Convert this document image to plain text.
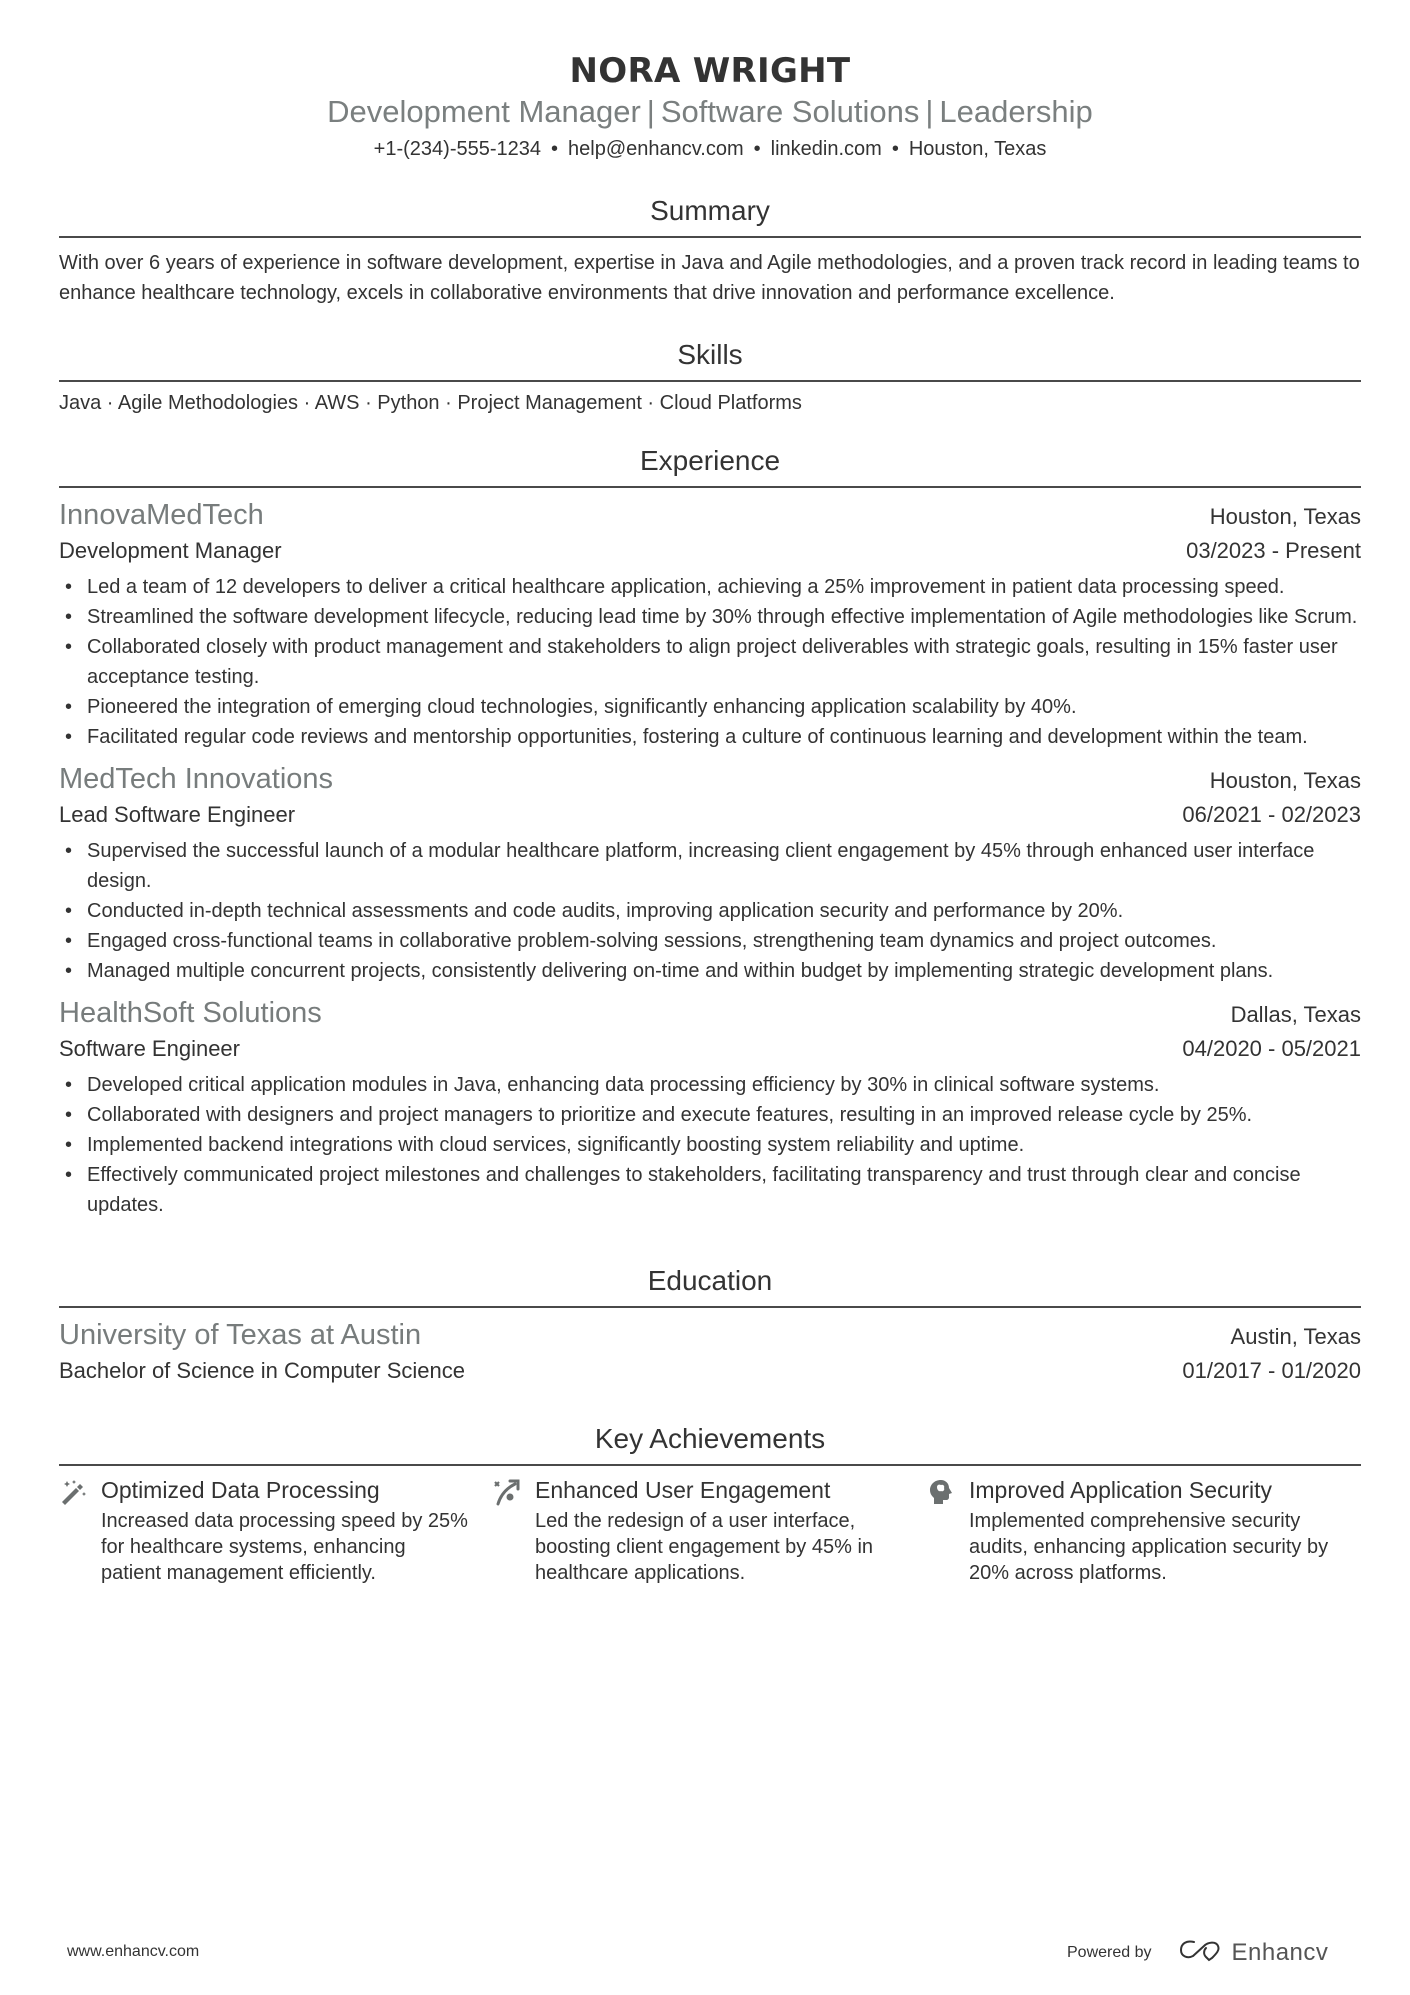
NORA WRIGHT
Development Manager | Software Solutions | Leadership
+1-(234)-555-1234 • help@enhancv.com • linkedin.com • Houston, Texas
Summary
With over 6 years of experience in software development, expertise in Java and Agile methodologies, and a proven track record in leading teams to enhance healthcare technology, excels in collaborative environments that drive innovation and performance excellence.
Skills
Java · Agile Methodologies · AWS · Python · Project Management · Cloud Platforms
Experience
InnovaMedTech	Houston, Texas
Development Manager	03/2023 - Present
• Led a team of 12 developers to deliver a critical healthcare application, achieving a 25% improvement in patient data processing speed.
• Streamlined the software development lifecycle, reducing lead time by 30% through effective implementation of Agile methodologies like Scrum.
• Collaborated closely with product management and stakeholders to align project deliverables with strategic goals, resulting in 15% faster user acceptance testing.
• Pioneered the integration of emerging cloud technologies, significantly enhancing application scalability by 40%.
• Facilitated regular code reviews and mentorship opportunities, fostering a culture of continuous learning and development within the team.
MedTech Innovations	Houston, Texas
Lead Software Engineer	06/2021 - 02/2023
• Supervised the successful launch of a modular healthcare platform, increasing client engagement by 45% through enhanced user interface design.
• Conducted in-depth technical assessments and code audits, improving application security and performance by 20%.
• Engaged cross-functional teams in collaborative problem-solving sessions, strengthening team dynamics and project outcomes.
• Managed multiple concurrent projects, consistently delivering on-time and within budget by implementing strategic development plans.
HealthSoft Solutions	Dallas, Texas
Software Engineer	04/2020 - 05/2021
• Developed critical application modules in Java, enhancing data processing efficiency by 30% in clinical software systems.
• Collaborated with designers and project managers to prioritize and execute features, resulting in an improved release cycle by 25%.
• Implemented backend integrations with cloud services, significantly boosting system reliability and uptime.
• Effectively communicated project milestones and challenges to stakeholders, facilitating transparency and trust through clear and concise updates.
Education
University of Texas at Austin	Austin, Texas
Bachelor of Science in Computer Science	01/2017 - 01/2020
Key Achievements
Optimized Data Processing
Increased data processing speed by 25% for healthcare systems, enhancing patient management efficiently.
Enhanced User Engagement
Led the redesign of a user interface, boosting client engagement by 45% in healthcare applications.
Improved Application Security
Implemented comprehensive security audits, enhancing application security by 20% across platforms.
www.enhancv.com	Powered by	Enhancv
